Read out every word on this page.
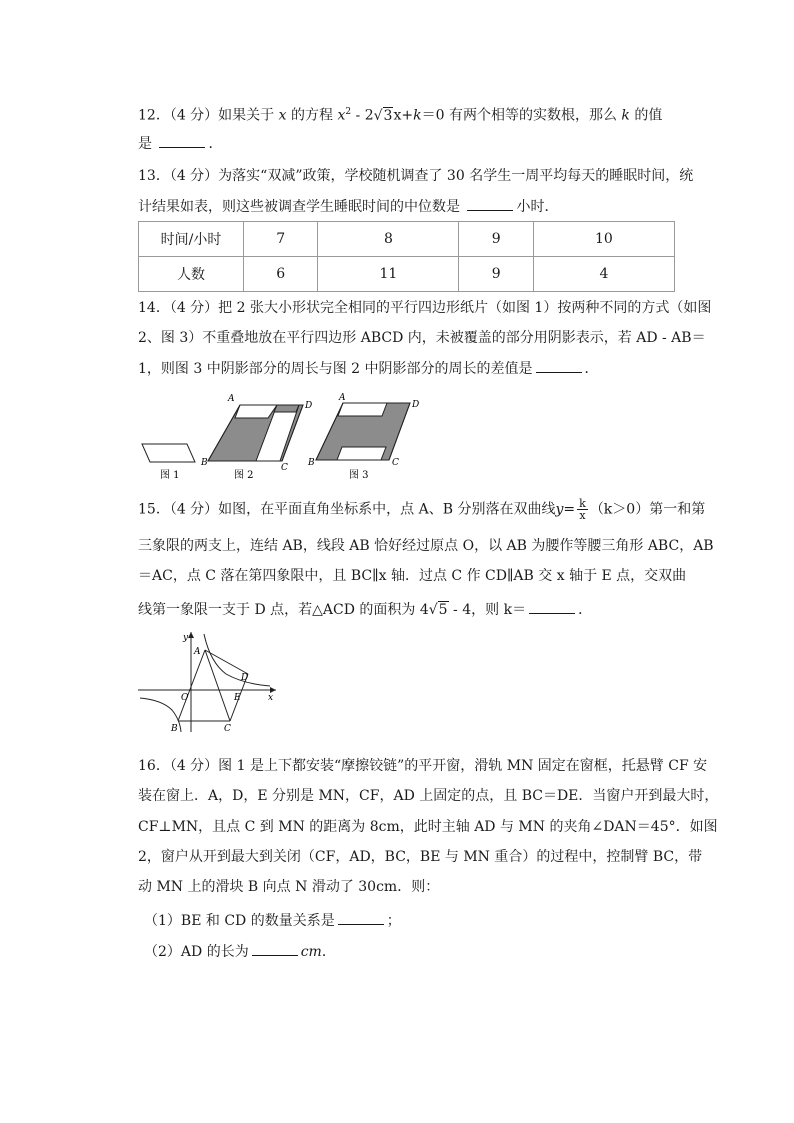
12．（4 分）如果关于 x 的方程 $x^2 - 2√3x+k=0$ 有两个相等的实数根，那么 k 的值
是	．
13．（4 分）为落实“双减”政策，学校随机调查了 30 名学生一周平均每天的睡眠时间，统
计结果如表，则这些被调查学生睡眠时间的中位数是	小时．
时间/小时	7	8	9	10
人数	6	11	9	4
14．（4 分）把 2 张大小形状完全相同的平行四边形纸片（如图 1）按两种不同的方式（如图
2、图 3）不重叠地放在平行四边形 ABCD 内，未被覆盖的部分用阴影表示，若 AD - AB＝
1，则图 3 中阴影部分的周长与图 2 中阴影部分的周长的差值是	．
图 1
A
D
B	C
图 2
A
D
B	C
图 3
15．（4 分）如图，在平面直角坐标系中，点 A、B 分别落在双曲线$y= \frac{k}{x} (k>0)$第一和第
三象限的两支上，连结 AB，线段 AB 恰好经过原点 O，以 AB 为腰作等腰三角形 ABC，AB
＝AC，点 C 落在第四象限中，且 BC∥x 轴．过点 C 作 CD∥AB 交 x 轴于 E 点，交双曲
线第一象限一支于 D 点，若△ACD 的面积为 4√5 - 4，则 k＝	．
y
x
A
B	C
D
E
O
16．（4 分）图 1 是上下都安装“摩擦铰链”的平开窗，滑轨 MN 固定在窗框，托悬臂 CF 安
装在窗上．A，D，E 分别是 MN，CF，AD 上固定的点，且 BC＝DE．当窗户开到最大时，
CF⊥MN，且点 C 到 MN 的距离为 8cm，此时主轴 AD 与 MN 的夹角∠DAN＝45°．如图
2，窗户从开到最大到关闭（CF，AD，BC，BE 与 MN 重合）的过程中，控制臂 BC，带
动 MN 上的滑块 B 向点 N 滑动了 30cm．则：
（1）BE 和 CD 的数量关系是	；
（2）AD 的长为	cm．
